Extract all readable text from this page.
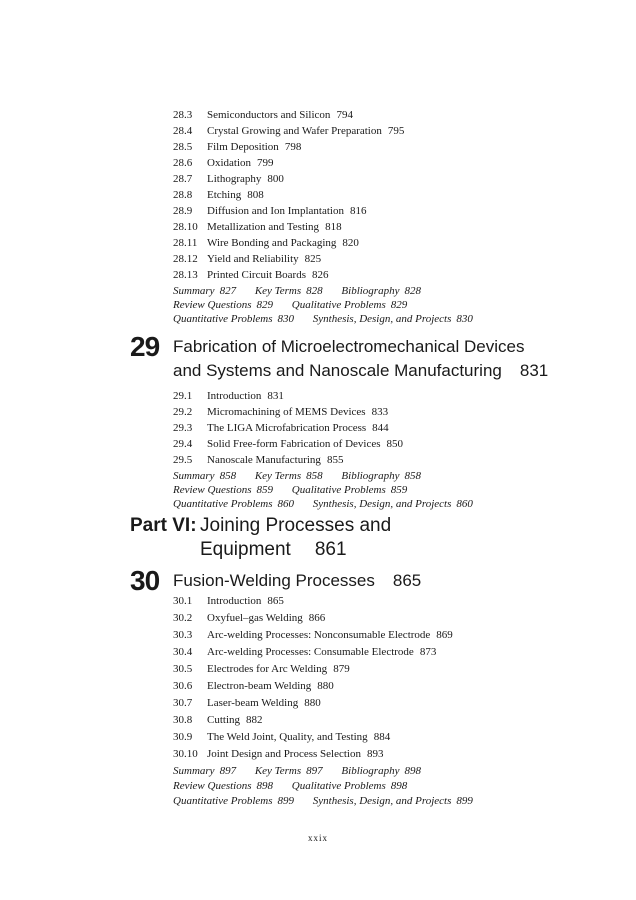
28.3 Semiconductors and Silicon 794
28.4 Crystal Growing and Wafer Preparation 795
28.5 Film Deposition 798
28.6 Oxidation 799
28.7 Lithography 800
28.8 Etching 808
28.9 Diffusion and Ion Implantation 816
28.10 Metallization and Testing 818
28.11 Wire Bonding and Packaging 820
28.12 Yield and Reliability 825
28.13 Printed Circuit Boards 826
Summary 827 Key Terms 828 Bibliography 828
Review Questions 829 Qualitative Problems 829
Quantitative Problems 830 Synthesis, Design, and Projects 830
29 Fabrication of Microelectromechanical Devices
and Systems and Nanoscale Manufacturing 831
29.1 Introduction 831
29.2 Micromachining of MEMS Devices 833
29.3 The LIGA Microfabrication Process 844
29.4 Solid Free-form Fabrication of Devices 850
29.5 Nanoscale Manufacturing 855
Summary 858 Key Terms 858 Bibliography 858
Review Questions 859 Qualitative Problems 859
Quantitative Problems 860 Synthesis, Design, and Projects 860
Part VI: Joining Processes and
Equipment 861
30 Fusion-Welding Processes 865
30.1 Introduction 865
30.2 Oxyfuel–gas Welding 866
30.3 Arc-welding Processes: Nonconsumable Electrode 869
30.4 Arc-welding Processes: Consumable Electrode 873
30.5 Electrodes for Arc Welding 879
30.6 Electron-beam Welding 880
30.7 Laser-beam Welding 880
30.8 Cutting 882
30.9 The Weld Joint, Quality, and Testing 884
30.10 Joint Design and Process Selection 893
Summary 897 Key Terms 897 Bibliography 898
Review Questions 898 Qualitative Problems 898
Quantitative Problems 899 Synthesis, Design, and Projects 899
xxix
